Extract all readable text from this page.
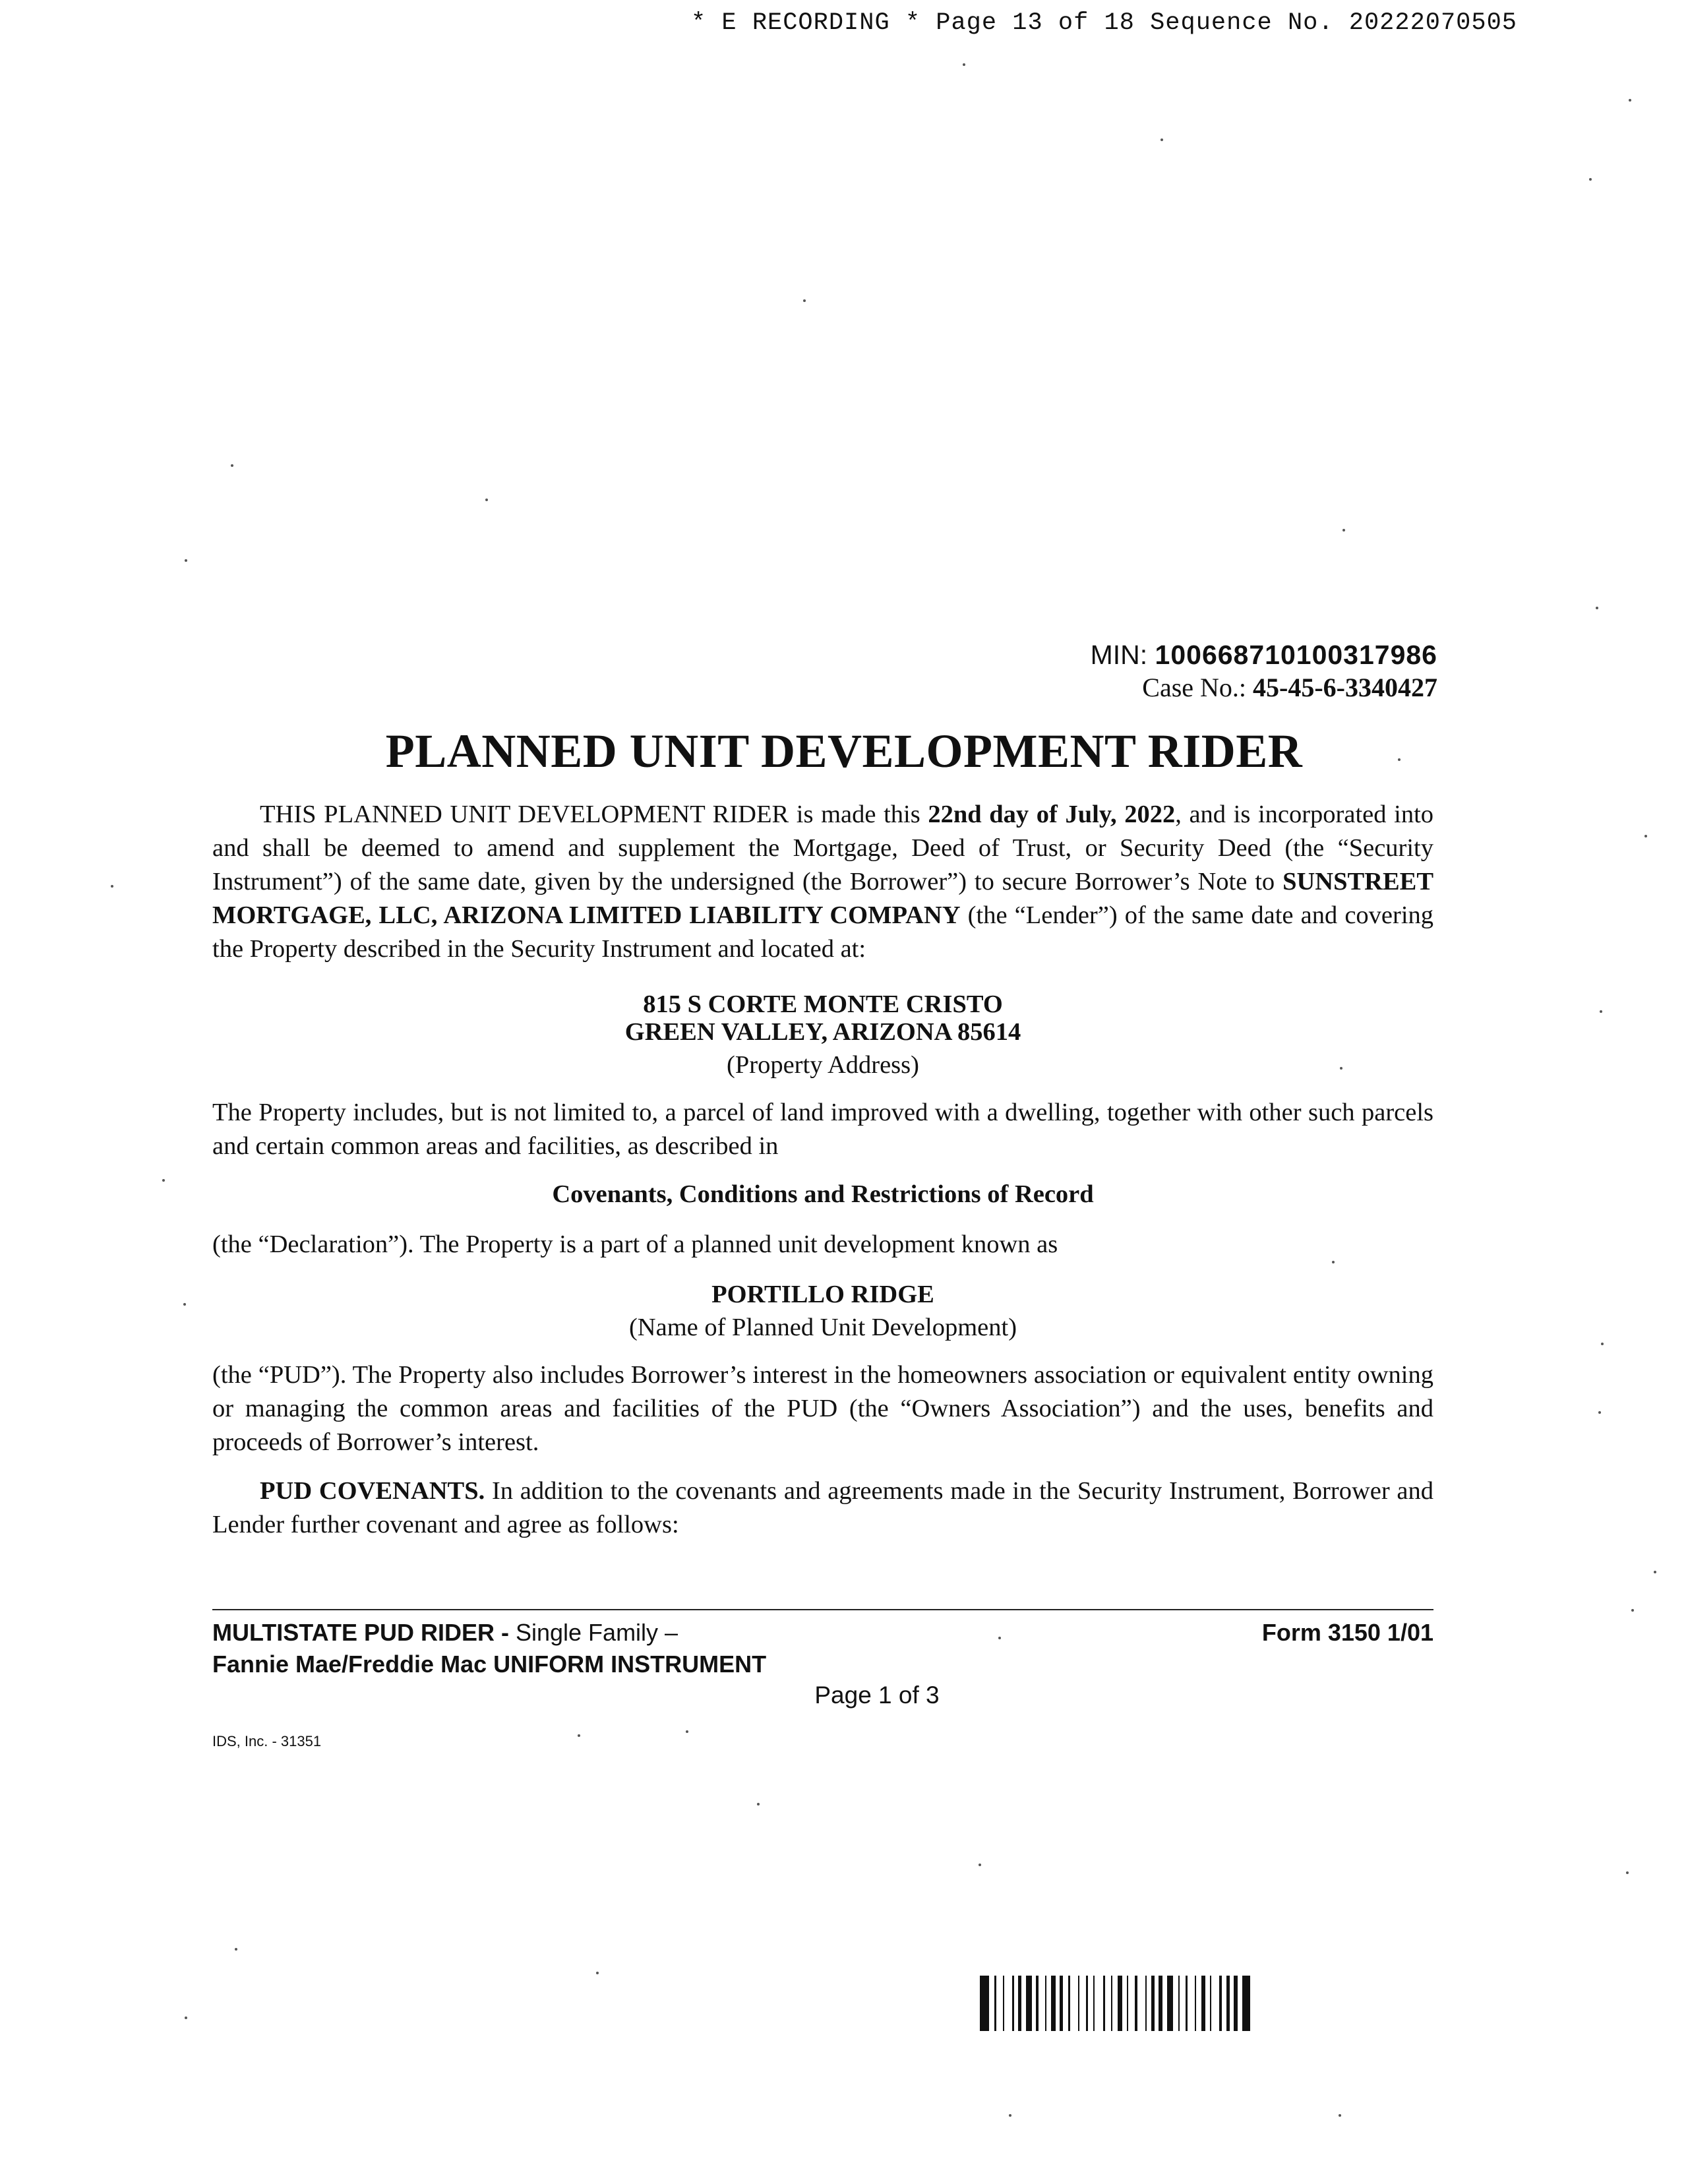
* E RECORDING * Page 13 of 18 Sequence No. 20222070505
MIN: 100668710100317986
Case No.: 45-45-6-3340427
PLANNED UNIT DEVELOPMENT RIDER
THIS PLANNED UNIT DEVELOPMENT RIDER is made this 22nd day of July, 2022, and is incorporated into and shall be deemed to amend and supplement the Mortgage, Deed of Trust, or Security Deed (the “Security Instrument”) of the same date, given by the undersigned (the Borrower”) to secure Borrower’s Note to SUNSTREET MORTGAGE, LLC, ARIZONA LIMITED LIABILITY COMPANY (the “Lender”) of the same date and covering the Property described in the Security Instrument and located at:
815 S CORTE MONTE CRISTO
GREEN VALLEY, ARIZONA 85614
(Property Address)
The Property includes, but is not limited to, a parcel of land improved with a dwelling, together with other such parcels and certain common areas and facilities, as described in
Covenants, Conditions and Restrictions of Record
(the “Declaration”). The Property is a part of a planned unit development known as
PORTILLO RIDGE
(Name of Planned Unit Development)
(the “PUD”). The Property also includes Borrower’s interest in the homeowners association or equivalent entity owning or managing the common areas and facilities of the PUD (the “Owners Association”) and the uses, benefits and proceeds of Borrower’s interest.
PUD COVENANTS. In addition to the covenants and agreements made in the Security Instrument, Borrower and Lender further covenant and agree as follows:
MULTISTATE PUD RIDER - Single Family –
Fannie Mae/Freddie Mac UNIFORM INSTRUMENT
Form 3150 1/01
Page 1 of 3
IDS, Inc. - 31351
